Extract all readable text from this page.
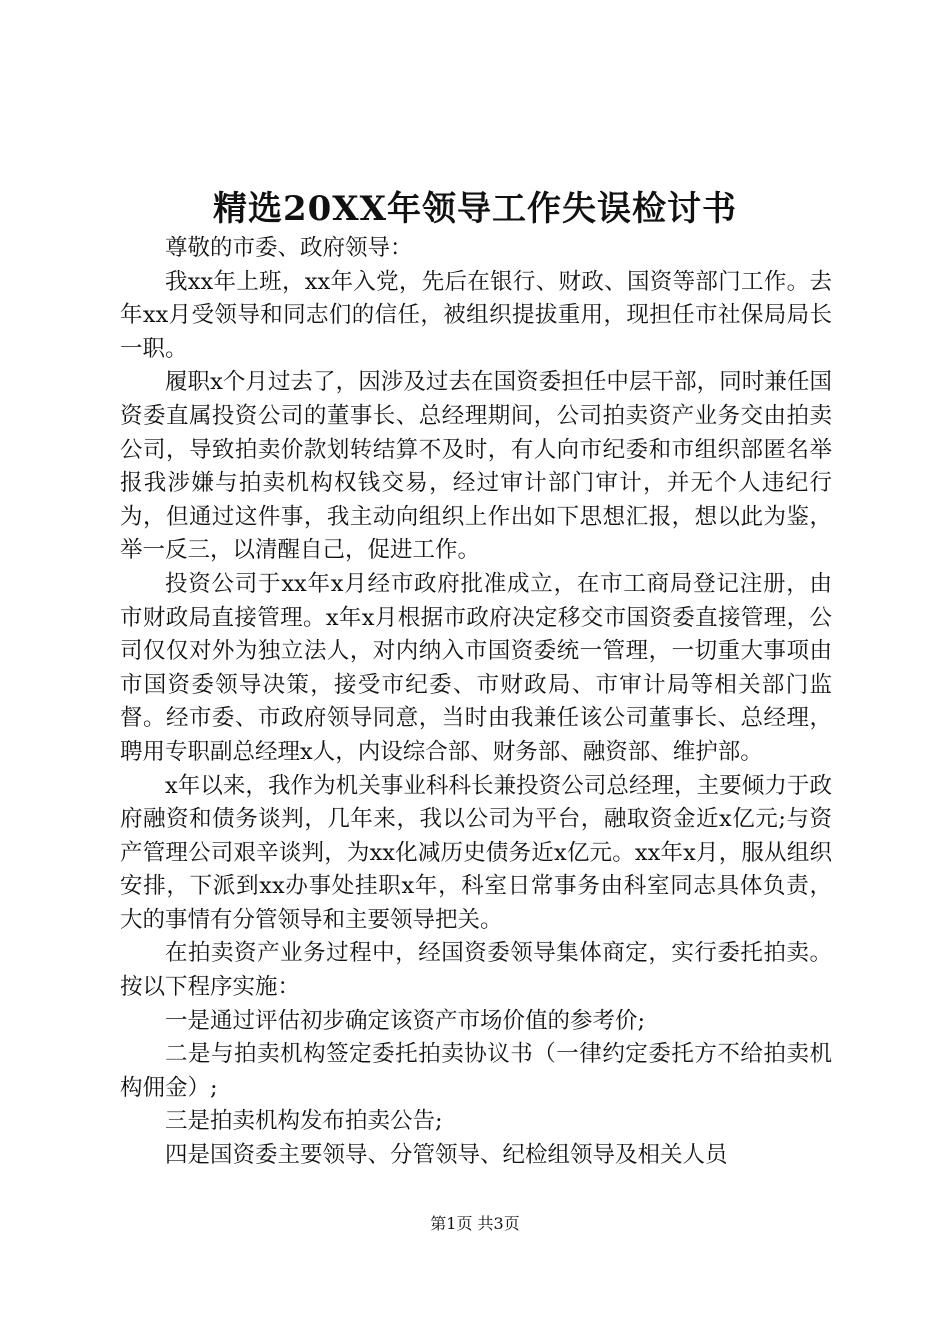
精选20XX年领导工作失误检讨书

尊敬的市委、政府领导：

我xx年上班，xx年入党，先后在银行、财政、国资等部门工作。去年xx月受领导和同志们的信任，被组织提拔重用，现担任市社保局局长一职。

履职x个月过去了，因涉及过去在国资委担任中层干部，同时兼任国资委直属投资公司的董事长、总经理期间，公司拍卖资产业务交由拍卖公司，导致拍卖价款划转结算不及时，有人向市纪委和市组织部匿名举报我涉嫌与拍卖机构权钱交易，经过审计部门审计，并无个人违纪行为，但通过这件事，我主动向组织上作出如下思想汇报，想以此为鉴，举一反三，以清醒自己，促进工作。

投资公司于xx年x月经市政府批准成立，在市工商局登记注册，由市财政局直接管理。x年x月根据市政府决定移交市国资委直接管理，公司仅仅对外为独立法人，对内纳入市国资委统一管理，一切重大事项由市国资委领导决策，接受市纪委、市财政局、市审计局等相关部门监督。经市委、市政府领导同意，当时由我兼任该公司董事长、总经理，聘用专职副总经理x人，内设综合部、财务部、融资部、维护部。

x年以来，我作为机关事业科科长兼投资公司总经理，主要倾力于政府融资和债务谈判，几年来，我以公司为平台，融取资金近x亿元;与资产管理公司艰辛谈判，为xx化减历史债务近x亿元。xx年x月，服从组织安排，下派到xx办事处挂职x年，科室日常事务由科室同志具体负责，大的事情有分管领导和主要领导把关。

在拍卖资产业务过程中，经国资委领导集体商定，实行委托拍卖。按以下程序实施：

一是通过评估初步确定该资产市场价值的参考价;

二是与拍卖机构签定委托拍卖协议书（一律约定委托方不给拍卖机构佣金）;

三是拍卖机构发布拍卖公告;

四是国资委主要领导、分管领导、纪检组领导及相关人员

第1页 共3页
